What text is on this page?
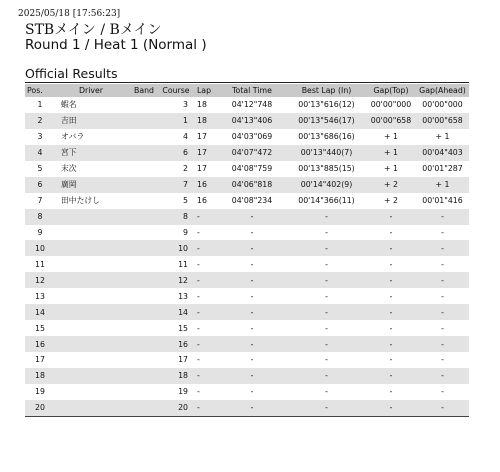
2025/05/18 [17:56:23]
STBメイン / Bメイン
Round 1 / Heat 1 (Normal )
Official Results
Pos.	Driver	Band	Course	Lap	Total Time	Best Lap (In)	Gap(Top)	Gap(Ahead)
1	蝦名		3	18	04'12"748	00'13"616(12)	00'00"000	00'00"000
2	吉田		1	18	04'13"406	00'13"546(17)	00'00"658	00'00"658
3	オバラ		4	17	04'03"069	00'13"686(16)	+ 1	+ 1
4	宮下		6	17	04'07"472	00'13"440(7)	+ 1	00'04"403
5	末次		2	17	04'08"759	00'13"885(15)	+ 1	00'01"287
6	廣岡		7	16	04'06"818	00'14"402(9)	+ 2	+ 1
7	田中たけし		5	16	04'08"234	00'14"366(11)	+ 2	00'01"416
8			8	-	-	-	-	-
9			9	-	-	-	-	-
10			10	-	-	-	-	-
11			11	-	-	-	-	-
12			12	-	-	-	-	-
13			13	-	-	-	-	-
14			14	-	-	-	-	-
15			15	-	-	-	-	-
16			16	-	-	-	-	-
17			17	-	-	-	-	-
18			18	-	-	-	-	-
19			19	-	-	-	-	-
20			20	-	-	-	-	-
